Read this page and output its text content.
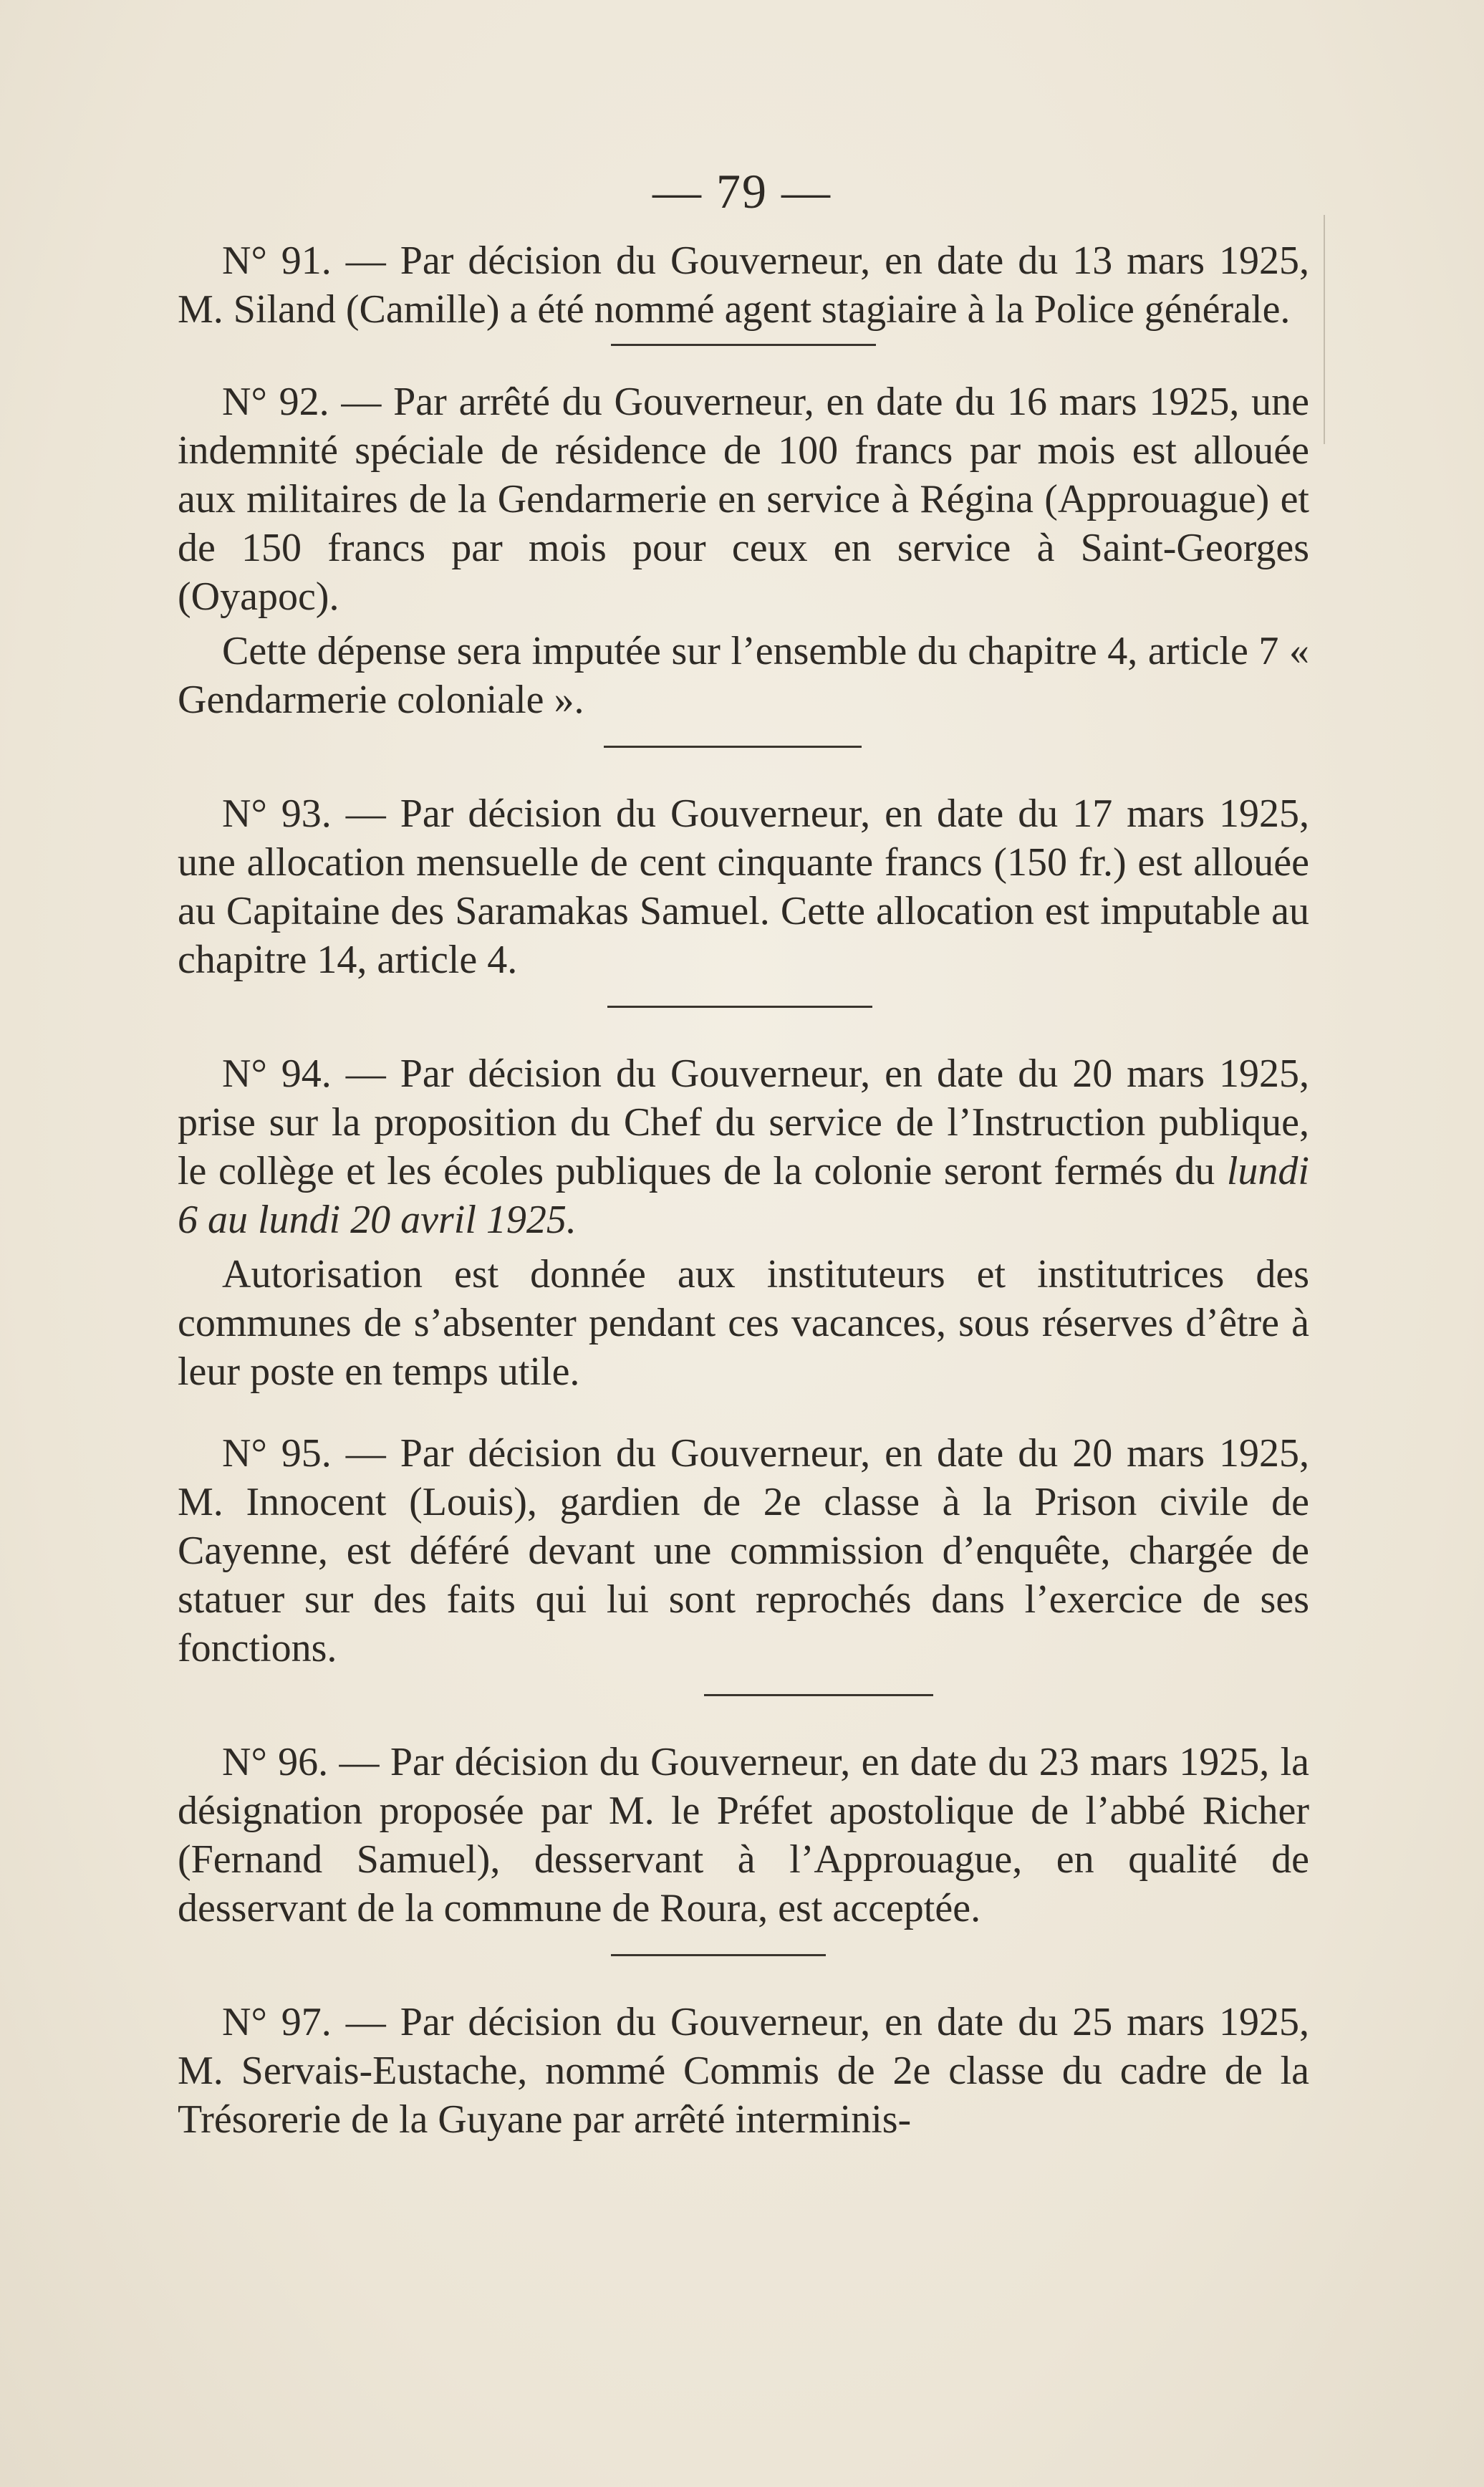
— 79 —

N° 91. — Par décision du Gouverneur, en date du 13 mars 1925, M. Siland (Camille) a été nommé agent stagiaire à la Police générale.

N° 92. — Par arrêté du Gouverneur, en date du 16 mars 1925, une indemnité spéciale de résidence de 100 francs par mois est allouée aux militaires de la Gendarmerie en service à Régina (Approuague) et de 150 francs par mois pour ceux en service à Saint-Georges (Oyapoc).

Cette dépense sera imputée sur l’ensemble du chapitre 4, article 7 « Gendarmerie coloniale ».

N° 93. — Par décision du Gouverneur, en date du 17 mars 1925, une allocation mensuelle de cent cinquante francs (150 fr.) est allouée au Capitaine des Saramakas Samuel. Cette allocation est imputable au chapitre 14, article 4.

N° 94. — Par décision du Gouverneur, en date du 20 mars 1925, prise sur la proposition du Chef du service de l’Instruction publique, le collège et les écoles publiques de la colonie seront fermés du lundi 6 au lundi 20 avril 1925.

Autorisation est donnée aux instituteurs et institutrices des communes de s’absenter pendant ces vacances, sous réserves d’être à leur poste en temps utile.

N° 95. — Par décision du Gouverneur, en date du 20 mars 1925, M. Innocent (Louis), gardien de 2e classe à la Prison civile de Cayenne, est déféré devant une commission d’enquête, chargée de statuer sur des faits qui lui sont reprochés dans l’exercice de ses fonctions.

N° 96. — Par décision du Gouverneur, en date du 23 mars 1925, la désignation proposée par M. le Préfet apostolique de l’abbé Richer (Fernand Samuel), desservant à l’Approuague, en qualité de desservant de la commune de Roura, est acceptée.

N° 97. — Par décision du Gouverneur, en date du 25 mars 1925, M. Servais-Eustache, nommé Commis de 2e classe du cadre de la Trésorerie de la Guyane par arrêté interminis-
